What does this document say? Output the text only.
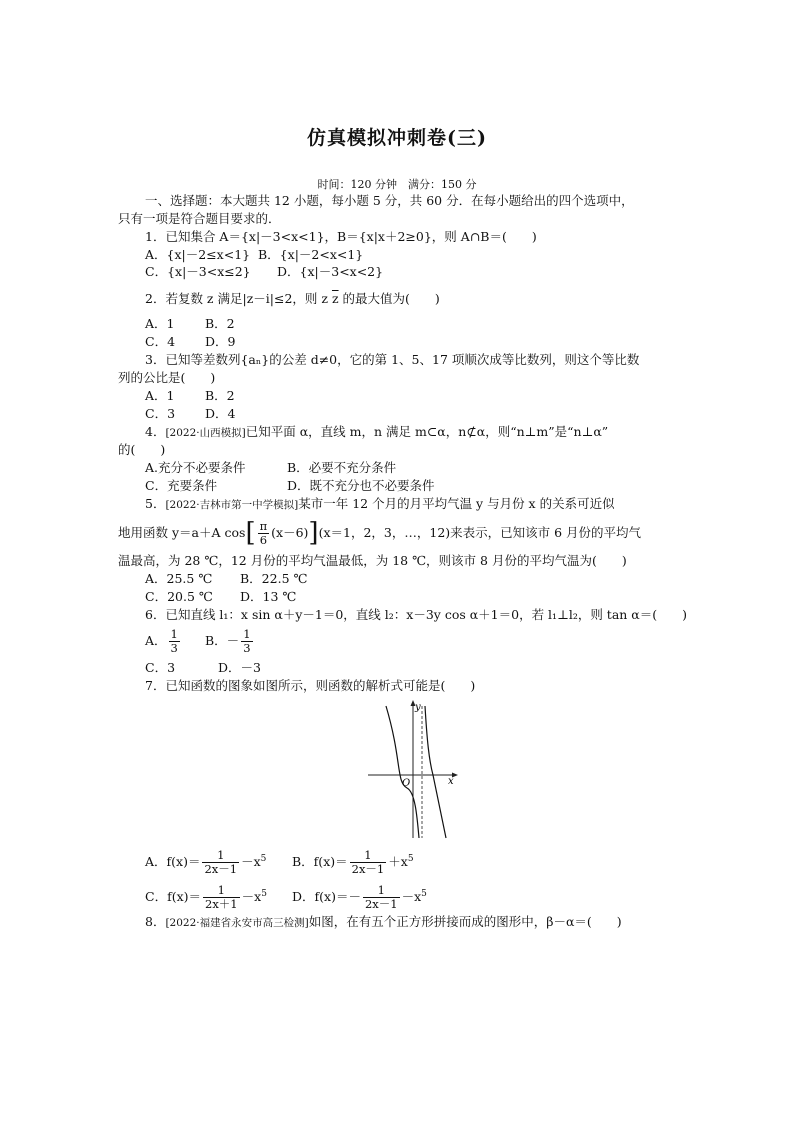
仿真模拟冲刺卷(三)
时间：120 分钟　满分：150 分
一、选择题：本大题共 12 小题，每小题 5 分，共 60 分．在每小题给出的四个选项中，
只有一项是符合题目要求的．
1．已知集合 A＝{x|－3<x<1}，B＝{x|x＋2≥0}，则 A∩B＝(　　)
A．{x|－2≤x<1} B．{x|－2<x<1}
C．{x|－3<x≤2} D．{x|－3<x<2}
2．若复数 z 满足|z－i|≤2，则 z $\overline{z}$ 的最大值为(　　)
A．1 B．2
C．4 D．9
3．已知等差数列{aₙ}的公差 d≠0，它的第 1、5、17 项顺次成等比数列，则这个等比数
列的公比是(　　)
A．1 B．2
C．3 D．4
4．[2022·山西模拟]已知平面 α，直线 m，n 满足 m⊂α，n⊄α，则“n⊥m”是“n⊥α”
的(　　)
A.充分不必要条件	B．必要不充分条件
C．充要条件	D．既不充分也不必要条件
5．[2022·吉林市第一中学模拟]某市一年 12 个月的月平均气温 y 与月份 x 的关系可近似
地用函数 y＝a＋A $\cos[ \frac{\pi}{6} (x-6)](x=1$，2，3，…，12)来表示，已知该市 6 月份的平均气
温最高，为 28 ℃，12 月份的平均气温最低，为 18 ℃，则该市 8 月份的平均气温为(　　)
A．25.5 ℃ B．22.5 ℃
C．20.5 ℃ D．13 ℃
6．已知直线 l₁：x sin α＋y－1＝0，直线 l₂：x－3y cos α＋1＝0，若 l₁⊥l₂，则 tan α＝(　　)
A． $\frac{1}{3}$ B．－ $\frac{1}{3}$
C．3	D．－3
7．已知函数的图象如图所示，则函数的解析式可能是(　　)
y
x
O
A．$f(x)= \frac{1}{2x-1} -x^5$ B．$f(x)= \frac{1}{2x-1} +x^5$
C．$f(x)= \frac{1}{2x+1} -x^5$ D．$f(x)=- \frac{1}{2x-1} -x^5$
8．[2022·福建省永安市高三检测]如图，在有五个正方形拼接而成的图形中，β－α＝(　　)
